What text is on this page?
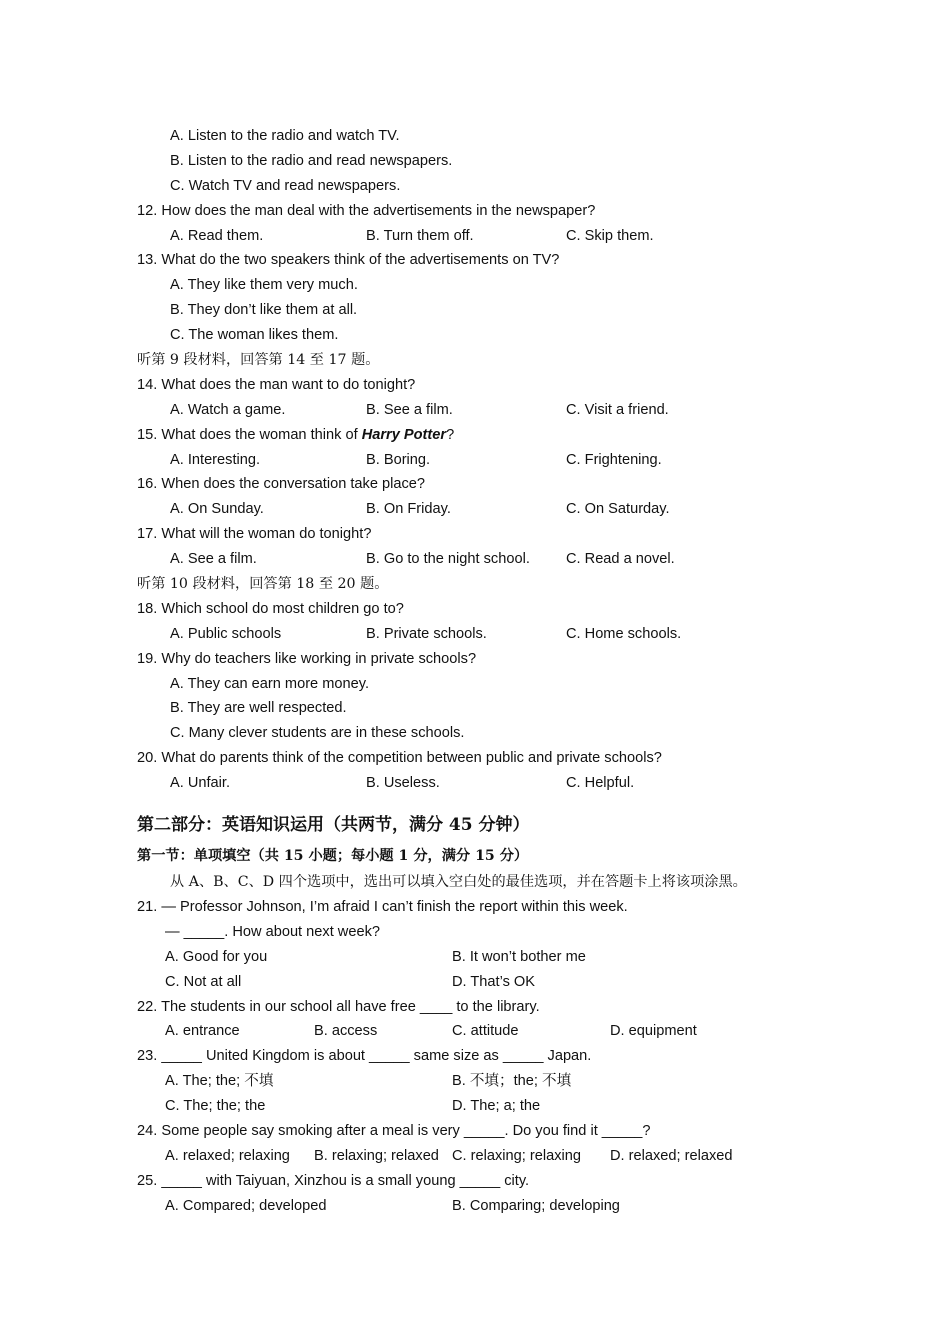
A. Listen to the radio and watch TV.
B. Listen to the radio and read newspapers.
C. Watch TV and read newspapers.
12. How does the man deal with the advertisements in the newspaper?
A. Read them.	B. Turn them off.	C. Skip them.
13. What do the two speakers think of the advertisements on TV?
A. They like them very much.
B. They don’t like them at all.
C. The woman likes them.
听第 9 段材料，回答第 14 至 17 题。
14. What does the man want to do tonight?
A. Watch a game.	B. See a film.	C. Visit a friend.
15. What does the woman think of Harry Potter?
A. Interesting.	B. Boring.	C. Frightening.
16. When does the conversation take place?
A. On Sunday.	B. On Friday.	C. On Saturday.
17. What will the woman do tonight?
A. See a film.	B. Go to the night school.	C. Read a novel.
听第 10 段材料，回答第 18 至 20 题。
18. Which school do most children go to?
A. Public schools	B. Private schools.	C. Home schools.
19. Why do teachers like working in private schools?
A. They can earn more money.
B. They are well respected.
C. Many clever students are in these schools.
20. What do parents think of the competition between public and private schools?
A. Unfair.	B. Useless.	C. Helpful.
第二部分：英语知识运用（共两节，满分 45 分钟）
第一节：单项填空（共 15 小题；每小题 1 分，满分 15 分）
从 A、B、C、D 四个选项中，选出可以填入空白处的最佳选项，并在答题卡上将该项涂黑。
21. — Professor Johnson, I’m afraid I can’t finish the report within this week.
— _____. How about next week?
A. Good for you	B. It won’t bother me
C. Not at all	D. That’s OK
22. The students in our school all have free ____ to the library.
A. entrance	B. access	C. attitude	D. equipment
23. _____ United Kingdom is about _____ same size as _____ Japan.
A. The; the; 不填	B. 不填；the; 不填
C. The; the; the	D. The; a; the
24. Some people say smoking after a meal is very _____. Do you find it _____?
A. relaxed; relaxing	B. relaxing; relaxed C. relaxing; relaxing	D. relaxed; relaxed
25. _____ with Taiyuan, Xinzhou is a small young _____ city.
A. Compared; developed	B. Comparing; developing
